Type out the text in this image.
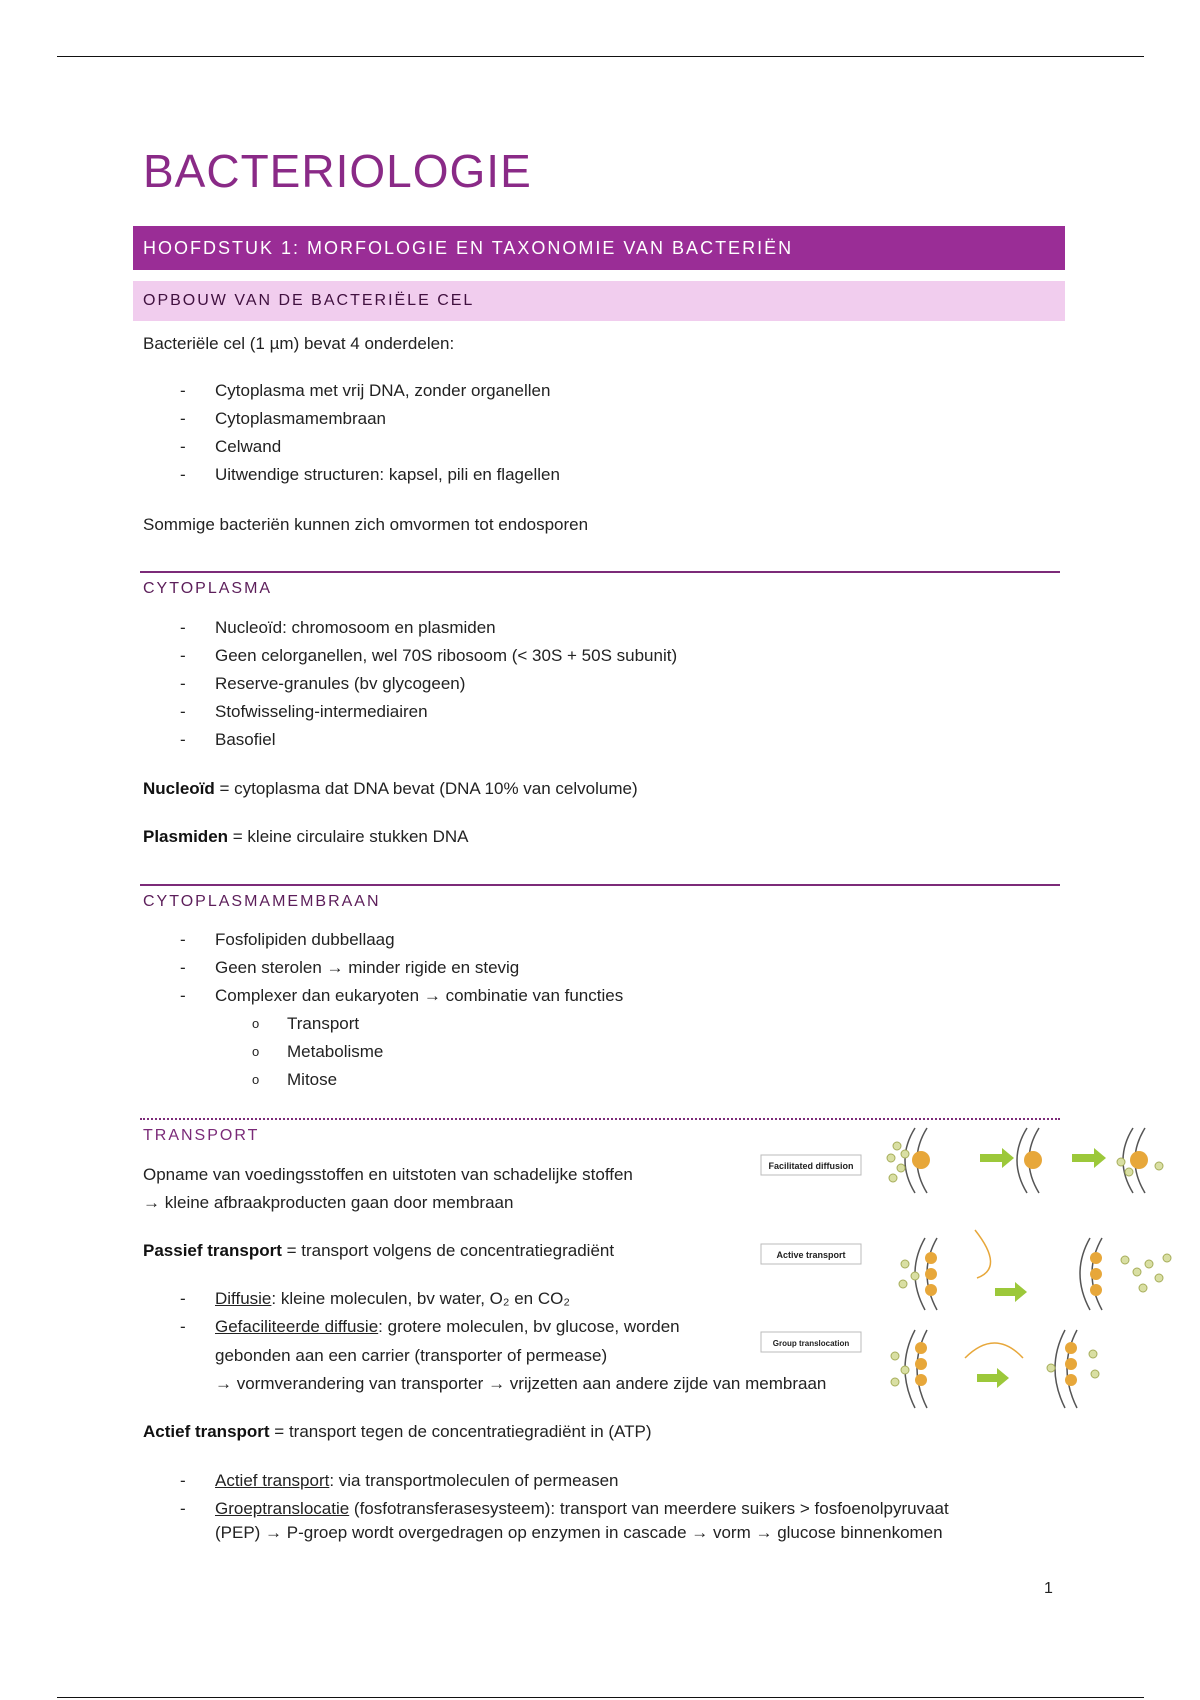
BACTERIOLOGIE
HOOFDSTUK 1: MORFOLOGIE EN TAXONOMIE VAN BACTERIËN
OPBOUW VAN DE BACTERIËLE CEL

Bacteriële cel (1 µm) bevat 4 onderdelen:

- Cytoplasma met vrij DNA, zonder organellen
- Cytoplasmamembraan
- Celwand
- Uitwendige structuren: kapsel, pili en flagellen

Sommige bacteriën kunnen zich omvormen tot endosporen

CYTOPLASMA
- Nucleoïd: chromosoom en plasmiden
- Geen celorganellen, wel 70S ribosoom (< 30S + 50S subunit)
- Reserve-granules (bv glycogeen)
- Stofwisseling-intermediairen
- Basofiel

Nucleoïd = cytoplasma dat DNA bevat (DNA 10% van celvolume)

Plasmiden = kleine circulaire stukken DNA

CYTOPLASMAMEMBRAAN
- Fosfolipiden dubbellaag
- Geen sterolen → minder rigide en stevig
- Complexer dan eukaryoten → combinatie van functies
o Transport
o Metabolisme
o Mitose
TRANSPORT

Opname van voedingsstoffen en uitstoten van schadelijke stoffen

→ kleine afbraakproducten gaan door membraan

Passief transport = transport volgens de concentratiegradiënt

- Diffusie: kleine moleculen, bv water, O₂ en CO₂
- Gefaciliteerde diffusie: grotere moleculen, bv glucose, worden
gebonden aan een carrier (transporter of permease)
→ vormverandering van transporter → vrijzetten aan andere zijde van membraan

Actief transport = transport tegen de concentratiegradiënt in (ATP)

- Actief transport: via transportmoleculen of permeasen
- Groeptranslocatie (fosfotransferasesysteem): transport van meerdere suikers > fosfoenolpyruvaat
(PEP) → P-groep wordt overgedragen op enzymen in cascade → vorm → glucose binnenkomen
Facilitated diffusion
Active transport
Group translocation
1
